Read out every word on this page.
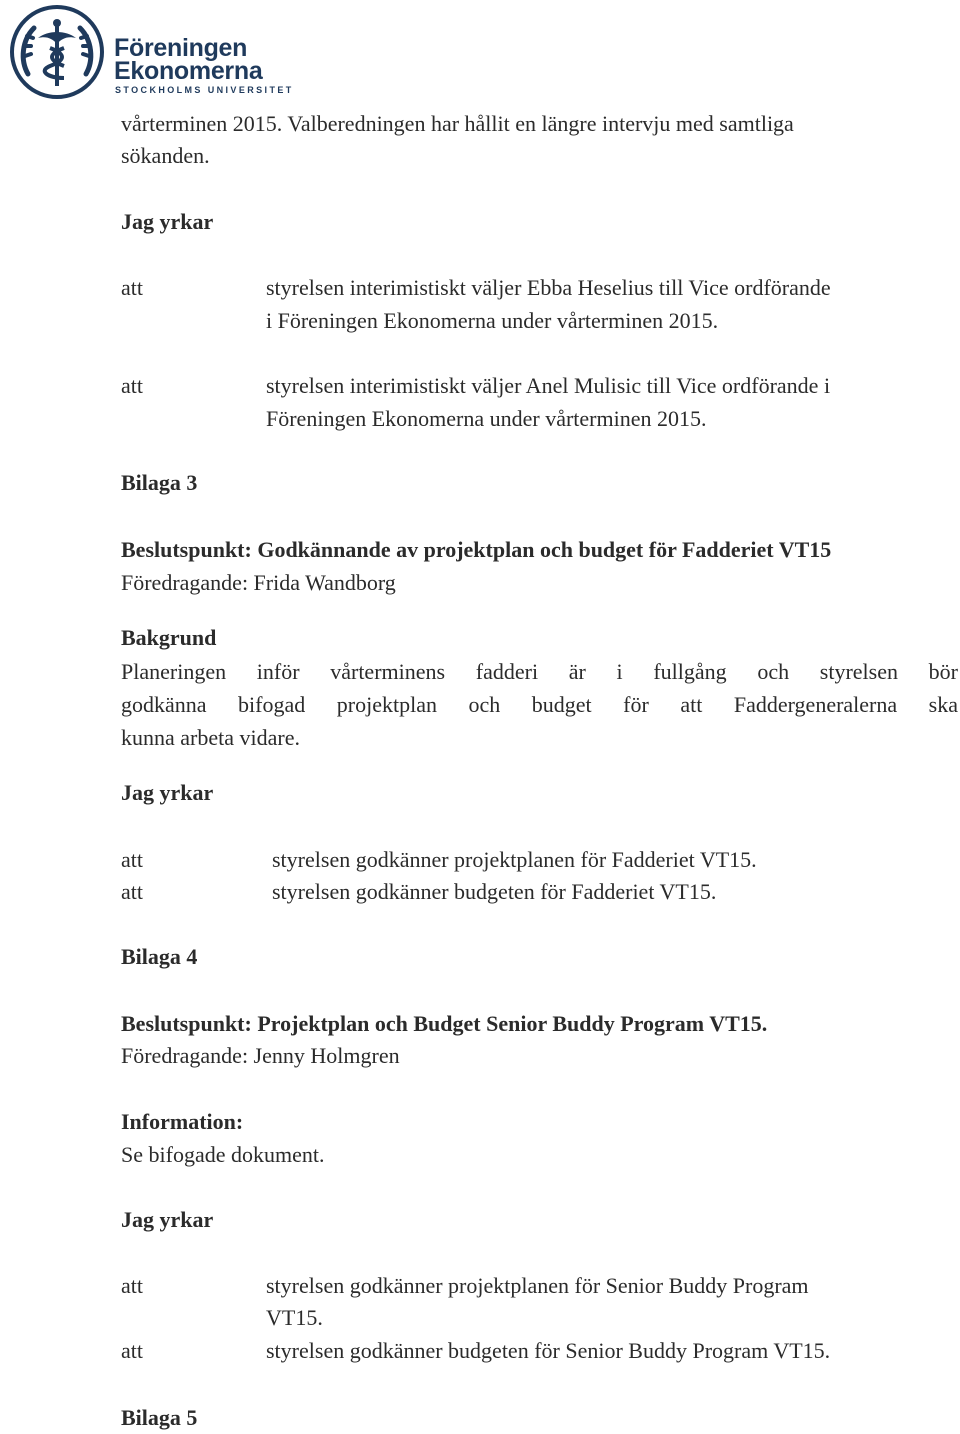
Föreningen
Ekonomerna
STOCKHOLMS UNIVERSITET
vårterminen 2015. Valberedningen har hållit en längre intervju med samtliga
sökanden.
Jag yrkar
att	styrelsen interimistiskt väljer Ebba Heselius till Vice ordförande
i Föreningen Ekonomerna under vårterminen 2015.
att	styrelsen interimistiskt väljer Anel Mulisic till Vice ordförande i
Föreningen Ekonomerna under vårterminen 2015.
Bilaga 3
Beslutspunkt: Godkännande av projektplan och budget för Fadderiet VT15
Föredragande: Frida Wandborg
Bakgrund
Planeringen inför vårterminens fadderi är i fullgång och styrelsen bör
godkänna bifogad projektplan och budget för att Faddergeneralerna ska
kunna arbeta vidare.
Jag yrkar
att	styrelsen godkänner projektplanen för Fadderiet VT15.
att	styrelsen godkänner budgeten för Fadderiet VT15.
Bilaga 4
Beslutspunkt: Projektplan och Budget Senior Buddy Program VT15.
Föredragande: Jenny Holmgren
Information:
Se bifogade dokument.
Jag yrkar
att	styrelsen godkänner projektplanen för Senior Buddy Program
VT15.
att	styrelsen godkänner budgeten för Senior Buddy Program VT15.
Bilaga 5
